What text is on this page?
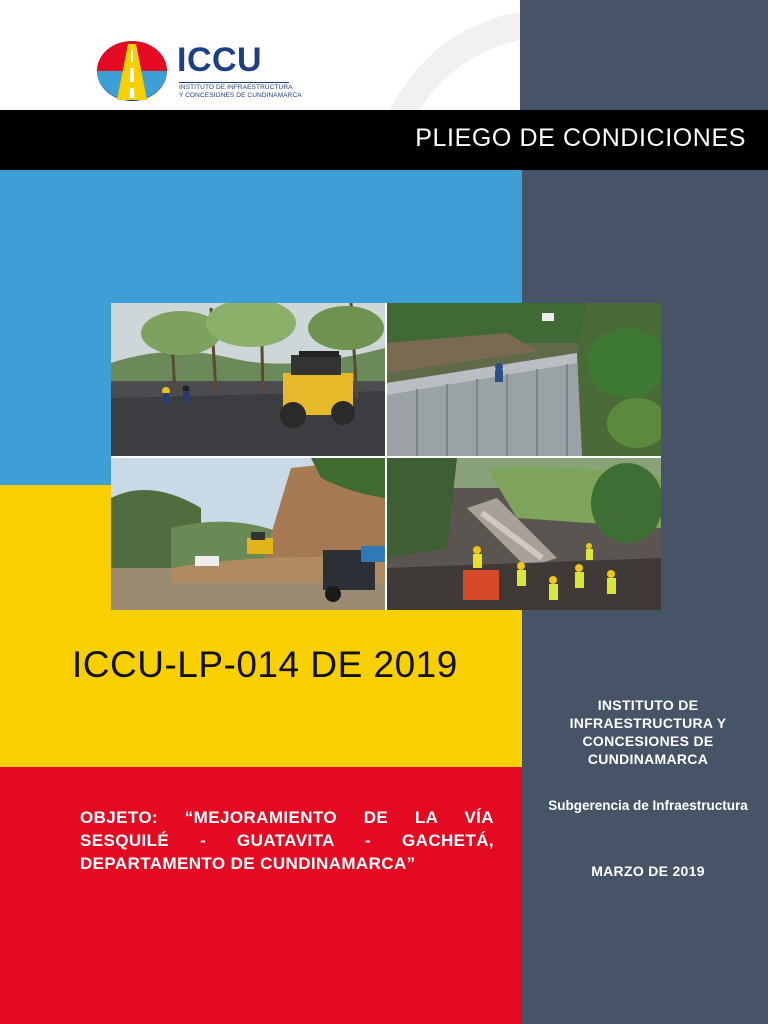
ICCU
INSTITUTO DE INFRAESTRUCTURA
Y CONCESIONES DE CUNDINAMARCA
PLIEGO DE CONDICIONES
ICCU-LP-014 DE 2019
OBJETO: “MEJORAMIENTO DE LA VÍA SESQUILÉ - GUATAVITA - GACHETÁ, DEPARTAMENTO DE CUNDINAMARCA”
INSTITUTO DE INFRAESTRUCTURA Y CONCESIONES DE CUNDINAMARCA
Subgerencia de Infraestructura
MARZO DE 2019
